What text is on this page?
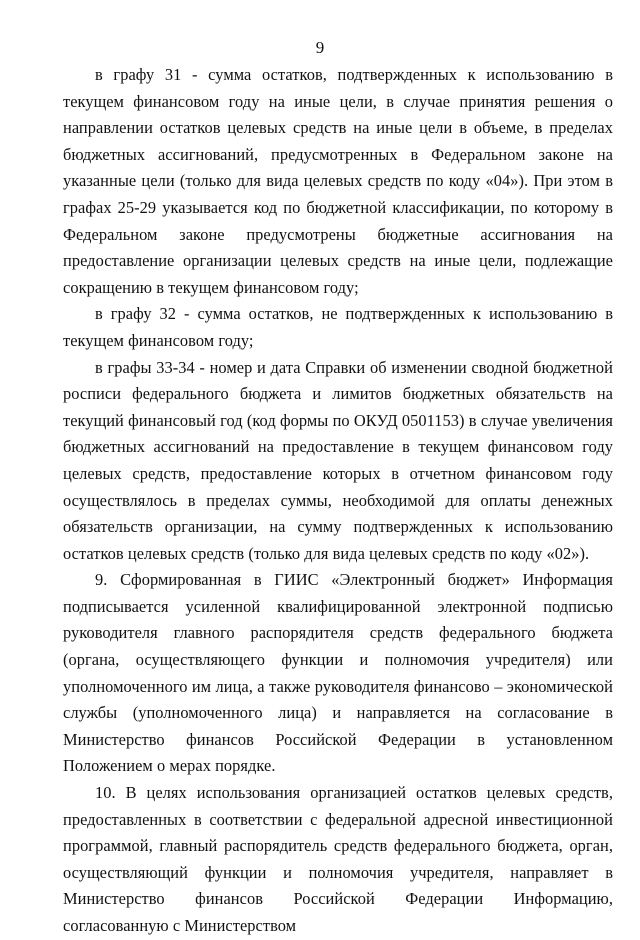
9

в графу 31 - сумма остатков, подтвержденных к использованию в текущем финансовом году на иные цели, в случае принятия решения о направлении остатков целевых средств на иные цели в объеме, в пределах бюджетных ассигнований, предусмотренных в Федеральном законе на указанные цели (только для вида целевых средств по коду «04»). При этом в графах 25-29 указывается код по бюджетной классификации, по которому в Федеральном законе предусмотрены бюджетные ассигнования на предоставление организации целевых средств на иные цели, подлежащие сокращению в текущем финансовом году;

в графу 32 - сумма остатков, не подтвержденных к использованию в текущем финансовом году;

в графы 33-34 - номер и дата Справки об изменении сводной бюджетной росписи федерального бюджета и лимитов бюджетных обязательств на текущий финансовый год (код формы по ОКУД 0501153) в случае увеличения бюджетных ассигнований на предоставление в текущем финансовом году целевых средств, предоставление которых в отчетном финансовом году осуществлялось в пределах суммы, необходимой для оплаты денежных обязательств организации, на сумму подтвержденных к использованию остатков целевых средств (только для вида целевых средств по коду «02»).

9. Сформированная в ГИИС «Электронный бюджет» Информация подписывается усиленной квалифицированной электронной подписью руководителя главного распорядителя средств федерального бюджета (органа, осуществляющего функции и полномочия учредителя) или уполномоченного им лица, а также руководителя финансово – экономической службы (уполномоченного лица) и направляется на согласование в Министерство финансов Российской Федерации в установленном Положением о мерах порядке.

10. В целях использования организацией остатков целевых средств, предоставленных в соответствии с федеральной адресной инвестиционной программой, главный распорядитель средств федерального бюджета, орган, осуществляющий функции и полномочия учредителя, направляет в Министерство финансов Российской Федерации Информацию, согласованную с Министерством
